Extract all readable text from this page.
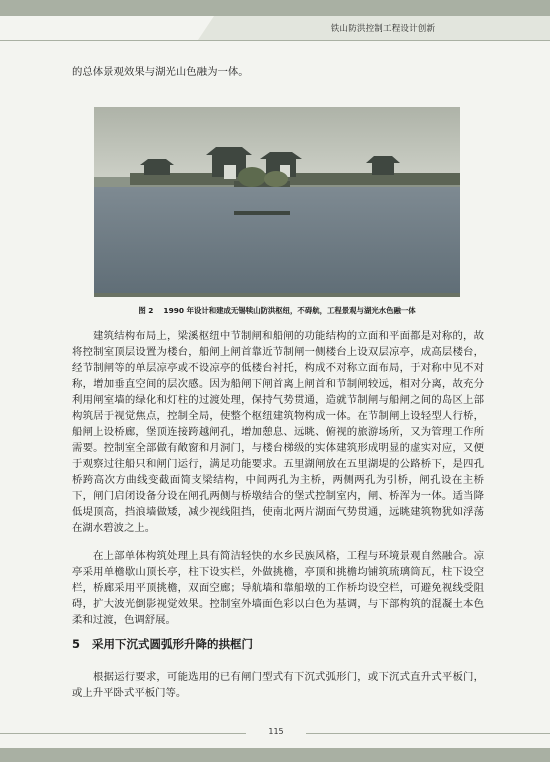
铁山防洪控制工程设计创新

的总体景观效果与湖光山色融为一体。

图 2 1990 年设计和建成无锡犊山防洪枢纽，不碍航，工程景观与湖光水色融一体

建筑结构布局上，梁溪枢纽中节制闸和船闸的功能结构的立面和平面都是对称的，故将控制室顶层设置为楼台，船闸上闸首靠近节制闸一侧楼台上设双层凉亭，成高层楼台，经节制闸等的单层凉亭或不设凉亭的低楼台衬托，构成不对称立面布局，于对称中见不对称，增加垂直空间的层次感。因为船闸下闸首离上闸首和节制闸较远，相对分离，故充分利用闸室墙的绿化和灯柱的过渡处理，保持气势贯通，造就节制闸与船闸之间的岛区上部构筑居于视觉焦点，控制全局，使整个枢纽建筑物构成一体。在节制闸上设轻型人行桥，船闸上设桥廊，堡顶连接跨越闸孔，增加憩息、远眺、俯视的旅游场所，又为管理工作所需要。控制室全部做有敞窗和月洞门，与楼台梯级的实体建筑形成明显的虚实对应，又便于观察过往船只和闸门运行，满足功能要求。五里湖闸放在五里湖堤的公路桥下，是四孔桥跨高次方曲线变截面简支梁结构，中间两孔为主桥，两侧两孔为引桥，闸孔设在主桥下，闸门启闭设备分设在闸孔两侧与桥墩结合的堡式控制室内，闸、桥浑为一体。适当降低堤顶高，挡浪墙做矮，减少视线阻挡，使南北两片湖面气势贯通，远眺建筑物犹如浮荡在湖水碧波之上。

在上部单体构筑处理上具有简洁轻快的水乡民族风格，工程与环境景观自然融合。凉亭采用单檐歇山顶长亭，柱下设实栏，外做挑檐，亭顶和挑檐均铺筑琉璃筒瓦，柱下设空栏，桥廊采用平顶挑檐，双面空廊；导航墙和靠船墩的工作桥均设空栏，可避免视线受阻碍，扩大波光倒影视觉效果。控制室外墙面色彩以白色为基调，与下部构筑的混凝土本色柔和过渡，色调舒展。

5 采用下沉式圆弧形升降的拱框门

根据运行要求，可能选用的已有闸门型式有下沉式弧形门，或下沉式直升式平板门，或上升平卧式平板门等。

115
